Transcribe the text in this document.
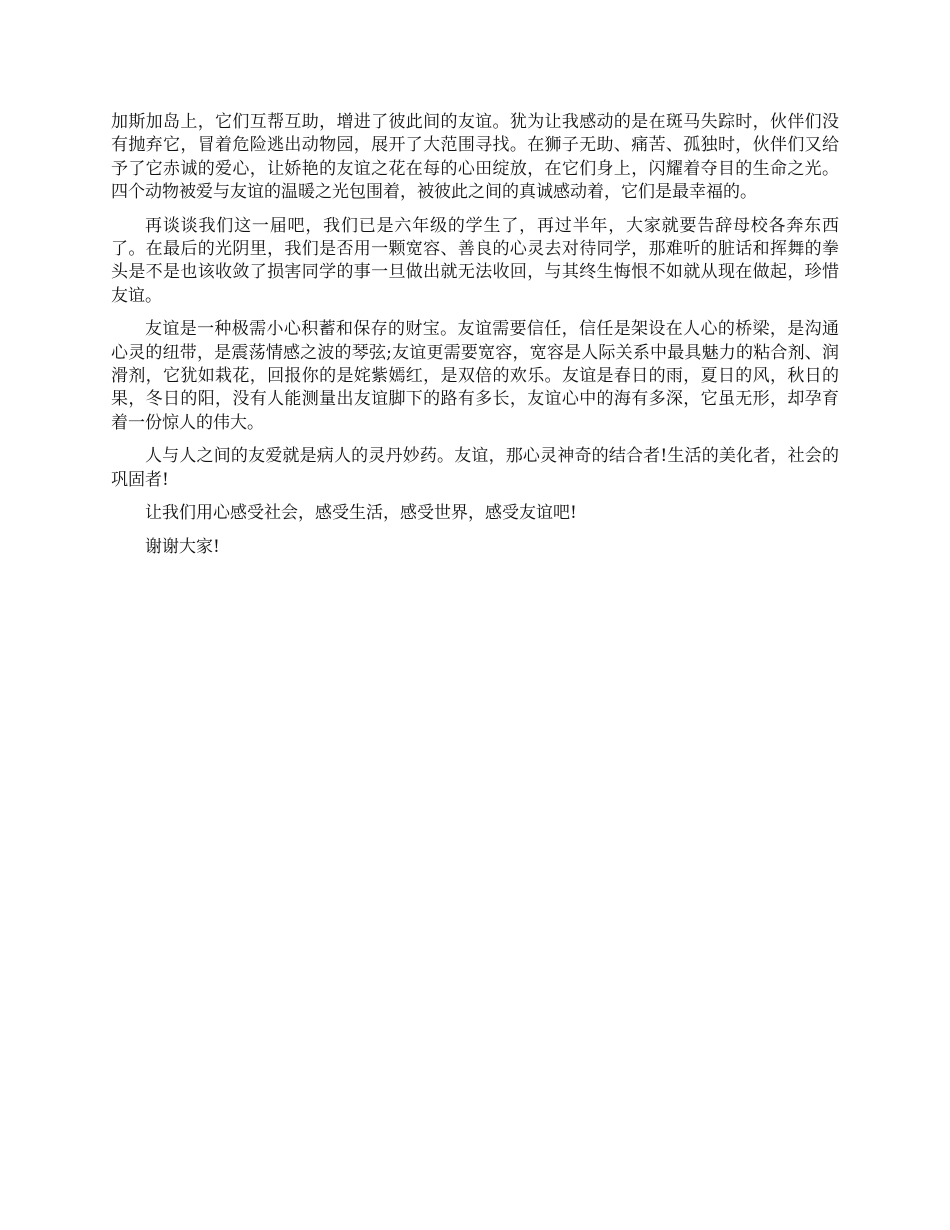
加斯加岛上，它们互帮互助，增进了彼此间的友谊。犹为让我感动的是在斑马失踪时，伙伴们没有抛弃它，冒着危险逃出动物园，展开了大范围寻找。在狮子无助、痛苦、孤独时，伙伴们又给予了它赤诚的爱心，让娇艳的友谊之花在每的心田绽放，在它们身上，闪耀着夺目的生命之光。四个动物被爱与友谊的温暖之光包围着，被彼此之间的真诚感动着，它们是最幸福的。

再谈谈我们这一届吧，我们已是六年级的学生了，再过半年，大家就要告辞母校各奔东西了。在最后的光阴里，我们是否用一颗宽容、善良的心灵去对待同学，那难听的脏话和挥舞的拳头是不是也该收敛了损害同学的事一旦做出就无法收回，与其终生悔恨不如就从现在做起，珍惜友谊。

友谊是一种极需小心积蓄和保存的财宝。友谊需要信任，信任是架设在人心的桥梁，是沟通心灵的纽带，是震荡情感之波的琴弦;友谊更需要宽容，宽容是人际关系中最具魅力的粘合剂、润滑剂，它犹如栽花，回报你的是姹紫嫣红，是双倍的欢乐。友谊是春日的雨，夏日的风，秋日的果，冬日的阳，没有人能测量出友谊脚下的路有多长，友谊心中的海有多深，它虽无形，却孕育着一份惊人的伟大。

人与人之间的友爱就是病人的灵丹妙药。友谊，那心灵神奇的结合者!生活的美化者，社会的巩固者!

让我们用心感受社会，感受生活，感受世界，感受友谊吧!

谢谢大家!
